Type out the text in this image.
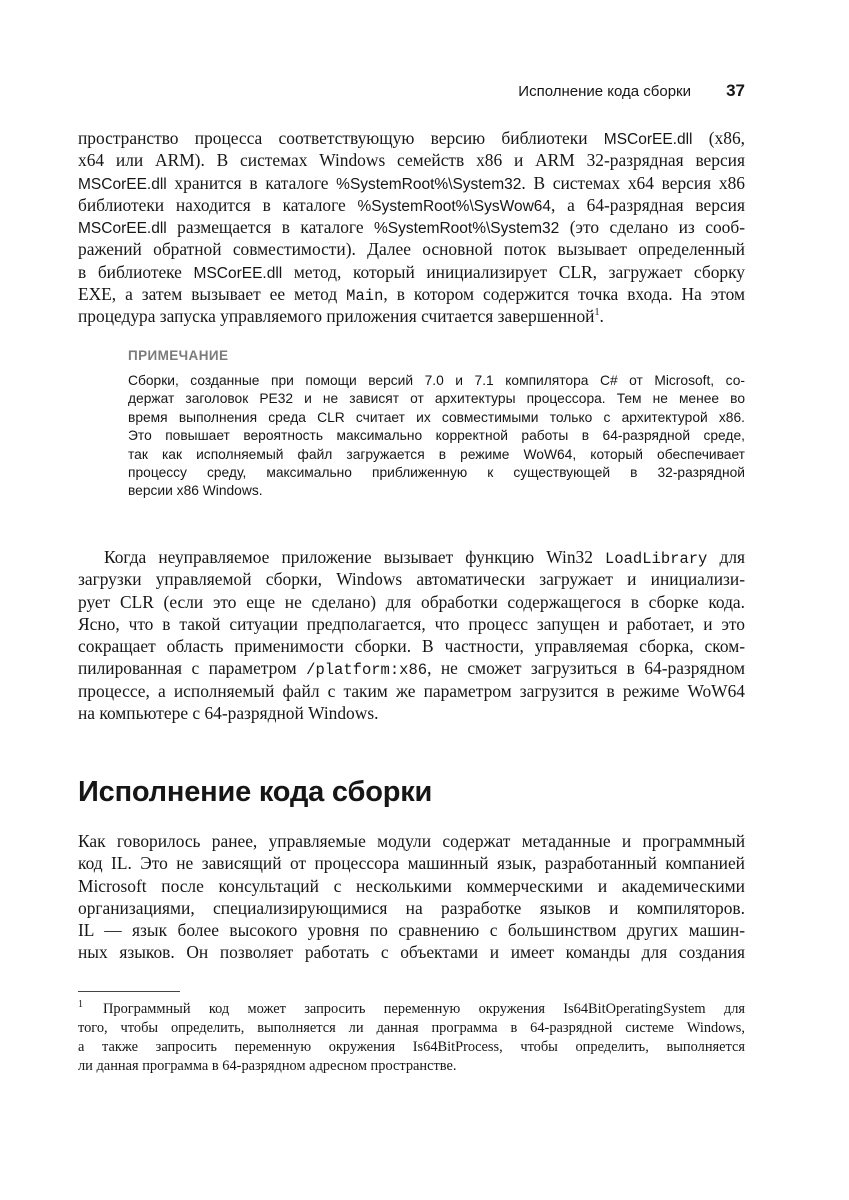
Исполнение кода сборки 37
пространство процесса соответствующую версию библиотеки MSCorEE.dll (x86,
x64 или ARM). В системах Windows семейств x86 и ARM 32-разрядная версия
MSCorEE.dll хранится в каталоге %SystemRoot%\System32. В системах x64 версия x86
библиотеки находится в каталоге %SystemRoot%\SysWow64, а 64-разрядная версия
MSCorEE.dll размещается в каталоге %SystemRoot%\System32 (это сделано из сооб-
ражений обратной совместимости). Далее основной поток вызывает определенный
в библиотеке MSCorEE.dll метод, который инициализирует CLR, загружает сборку
EXE, а затем вызывает ее метод Main, в котором содержится точка входа. На этом
процедура запуска управляемого приложения считается завершенной$^1$.
ПРИМЕЧАНИЕ
Сборки, созданные при помощи версий 7.0 и 7.1 компилятора C# от Microsoft, со-
держат заголовок PE32 и не зависят от архитектуры процессора. Тем не менее во
время выполнения среда CLR считает их совместимыми только с архитектурой x86.
Это повышает вероятность максимально корректной работы в 64-разрядной среде,
так как исполняемый файл загружается в режиме WoW64, который обеспечивает
процессу среду, максимально приближенную к существующей в 32-разрядной
версии x86 Windows.
Когда неуправляемое приложение вызывает функцию Win32 LoadLibrary для
загрузки управляемой сборки, Windows автоматически загружает и инициализи-
рует CLR (если это еще не сделано) для обработки содержащегося в сборке кода.
Ясно, что в такой ситуации предполагается, что процесс запущен и работает, и это
сокращает область применимости сборки. В частности, управляемая сборка, ском-
пилированная с параметром /platform:x86, не сможет загрузиться в 64-разрядном
процессе, а исполняемый файл с таким же параметром загрузится в режиме WoW64
на компьютере с 64-разрядной Windows.
Исполнение кода сборки
Как говорилось ранее, управляемые модули содержат метаданные и программный
код IL. Это не зависящий от процессора машинный язык, разработанный компанией
Microsoft после консультаций с несколькими коммерческими и академическими
организациями, специализирующимися на разработке языков и компиляторов.
IL — язык более высокого уровня по сравнению с большинством других машин-
ных языков. Он позволяет работать с объектами и имеет команды для создания
$^1$ Программный код может запросить переменную окружения Is64BitOperatingSystem для
того, чтобы определить, выполняется ли данная программа в 64-разрядной системе Windows,
а также запросить переменную окружения Is64BitProcess, чтобы определить, выполняется
ли данная программа в 64-разрядном адресном пространстве.
